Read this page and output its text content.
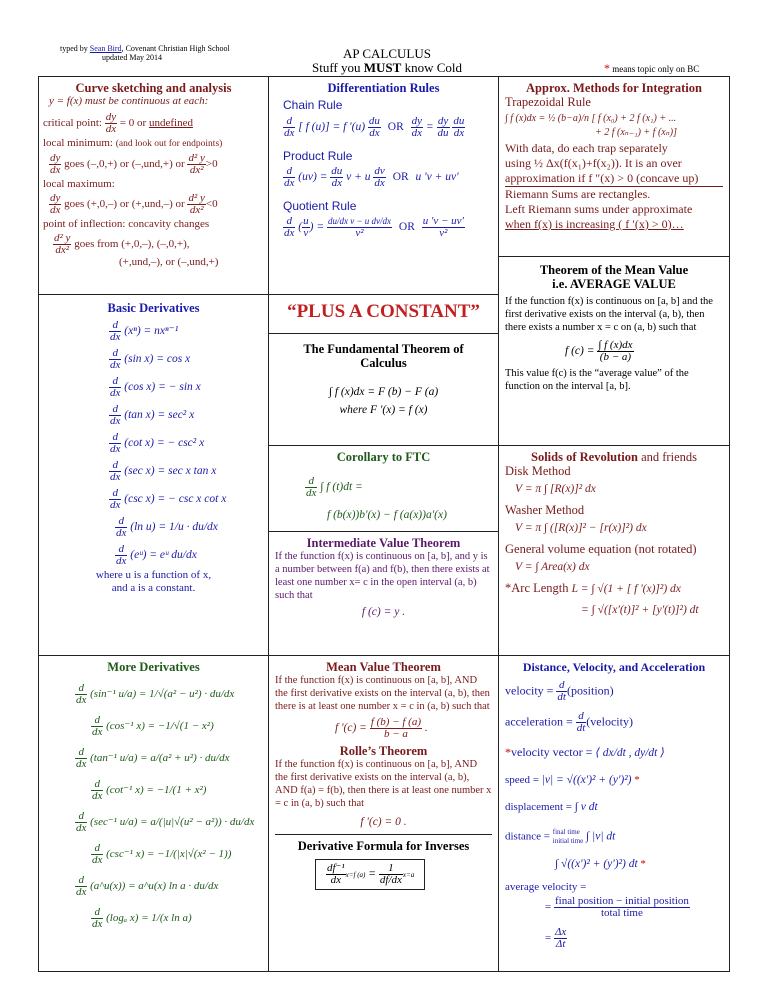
typed by Sean Bird, Covenant Christian High School
updated May 2014	AP CALCULUS
Stuff you MUST know Cold	* means topic only on BC
Curve sketching and analysis
y = f(x) must be continuous at each:
critical point: $\frac{dy}{dx} = 0$ or undefined
local minimum: (and look out for endpoints)
$\frac{dy}{dx}$ goes (–,0,+) or (–,und,+) or $\frac{\text{d² y}}{\text{dx²}} >0$
local maximum:
$\frac{dy}{dx}$ goes (+,0,–) or (+,und,–) or $\frac{\text{d² y}}{\text{dx²}} <0$
point of inflection: concavity changes
$\frac{\text{d² y}}{\text{dx²}}$ goes from (+,0,–), (–,0,+),
(+,und,–), or (–,und,+)
Differentiation Rules
Chain Rule
$\frac{d}{dx}$ [ f (u)] = f '$(u) \frac{du}{dx}$ OR $\frac{dy}{dx} = \frac{dy}{du}$
$\frac{du}{dx}$
Product Rule
$\frac{d}{dx} (uv) = \frac{du}{dx}$ v + u $\frac{dv}{dx}$ OR u 'v + uv'
Quotient Rule
$\frac{d}{dx}$ ( $\frac{u}{v}$ ) = $\frac{\text{du/dx v − u dv/dx}}{\text{v²}}$ OR $\frac{u 'v - uv'}{\text{v²}}$
Approx. Methods for Integration
Trapezoidal Rule
∫ f (x)dx = ½ (b−a)/n [ f (x₀) + 2 f (x₁) + ...
+ 2 f (xₙ₋₁) + f (xₙ)]
With data, do each trap separately
using ½ Δx(f(x₁)+f(x₂)). It is an over
approximation if f ″(x) > 0 (concave up)
Riemann Sums are rectangles.
Left Riemann sums under approximate
when f(x) is increasing ( f ′(x) > 0)…
Theorem of the Mean Value
i.e. AVERAGE VALUE
If the function f(x) is continuous on [a, b] and the first derivative exists on the interval (a, b), then there exists a number x = c on (a, b) such that
f $(c) = \frac{\int f (x)dx}{(b - a)}$
This value f(c) is the “average value” of the function on the interval [a, b].
Basic Derivatives
$\frac{d}{dx} (x^n) = nx^{n-1}$
$\frac{d}{dx} (\sin$ x) = cos x
$\frac{d}{dx} (\cos$ x) = − sin x
$\frac{d}{dx} (\tan$ x) = sec² x
$\frac{d}{dx} (\cot$ x) = − csc² x
$\frac{d}{dx} (\sec$ x) = sec x tan x
$\frac{d}{dx} (\csc$ x) = − csc x cot x
$\frac{d}{dx} (\ln$ u) = 1/u · du/dx
$\frac{d}{dx}$ (eᵘ) = eᵘ du/dx
where u is a function of x,
and a is a constant.
“PLUS A CONSTANT”
The Fundamental Theorem of Calculus
∫ f (x)dx = F (b) − F (a)
where F '(x) = f (x)
Corollary to FTC
$\frac{d}{dx}$ ∫ f (t)dt =
f (b(x))b'(x) − f (a(x))a'(x)
Intermediate Value Theorem
If the function f(x) is continuous on [a, b], and y is a number between f(a) and f(b), then there exists at least one number x= c in the open interval (a, b) such that
f (c) = y .
Solids of Revolution and friends
Disk Method
V = π ∫ [R(x)]² dx
Washer Method
V = π ∫ ([R(x)]² − [r(x)]²) dx
General volume equation (not rotated)
V = ∫ Area(x) dx
*Arc Length L = ∫ √(1 + [ f '(x)]²) dx
= ∫ √([x'(t)]² + [y'(t)]²) dt
More Derivatives
$\frac{d}{dx} (\sin^{-1}$ u/a) = 1/√(a² − u²) · du/dx
$\frac{d}{dx} (\cos^{-1}$ x) = −1/√(1 − x²)
$\frac{d}{dx} (\tan^{-1}$ u/a) = a/(a² + u²) · du/dx
$\frac{d}{dx} (\cot^{-1}$ x) = −1/(1 + x²)
$\frac{d}{dx} (\sec^{-1}$ u/a) = a/(|u|√(u² − a²)) · du/dx
$\frac{d}{dx} (\csc^{-1}$ x) = −1/(|x|√(x² − 1))
$\frac{d}{dx}$ (a^u(x)) = a^u(x) ln a · du/dx
$\frac{d}{dx} (\log_a$ x) = 1/(x ln a)
Mean Value Theorem
If the function f(x) is continuous on [a, b], AND the first derivative exists on the interval (a, b), then there is at least one number x = c in (a, b) such that
f '$(c) = \frac{f (b) - f (a)}{b - a}$ .
Rolle’s Theorem
If the function f(x) is continuous on [a, b], AND the first derivative exists on the interval (a, b), AND f(a) = f(b), then there is at least one number x = c in (a, b) such that
f '(c) = 0 .
Derivative Formula for Inverses
$\frac{\text{df⁻¹}}{dx} x=f$ $(a) = \frac{1}{df/dx} x=a$
Distance, Velocity, and Acceleration
velocity = $\frac{d}{dt}$ (position)
acceleration = $\frac{d}{dt}$ (velocity)
*velocity vector = ⟨ dx/dt , dy/dt ⟩
speed = |v| = √((x')² + (y')²) *
displacement = ∫ v dt
distance = final time
initial time ∫ |v| dt
∫ √((x')² + (y')²) dt *
average velocity =
= $\frac{\text{final position − initial position}}{\text{total time}}$
= $\frac{\Delta x}{\Delta t}$
